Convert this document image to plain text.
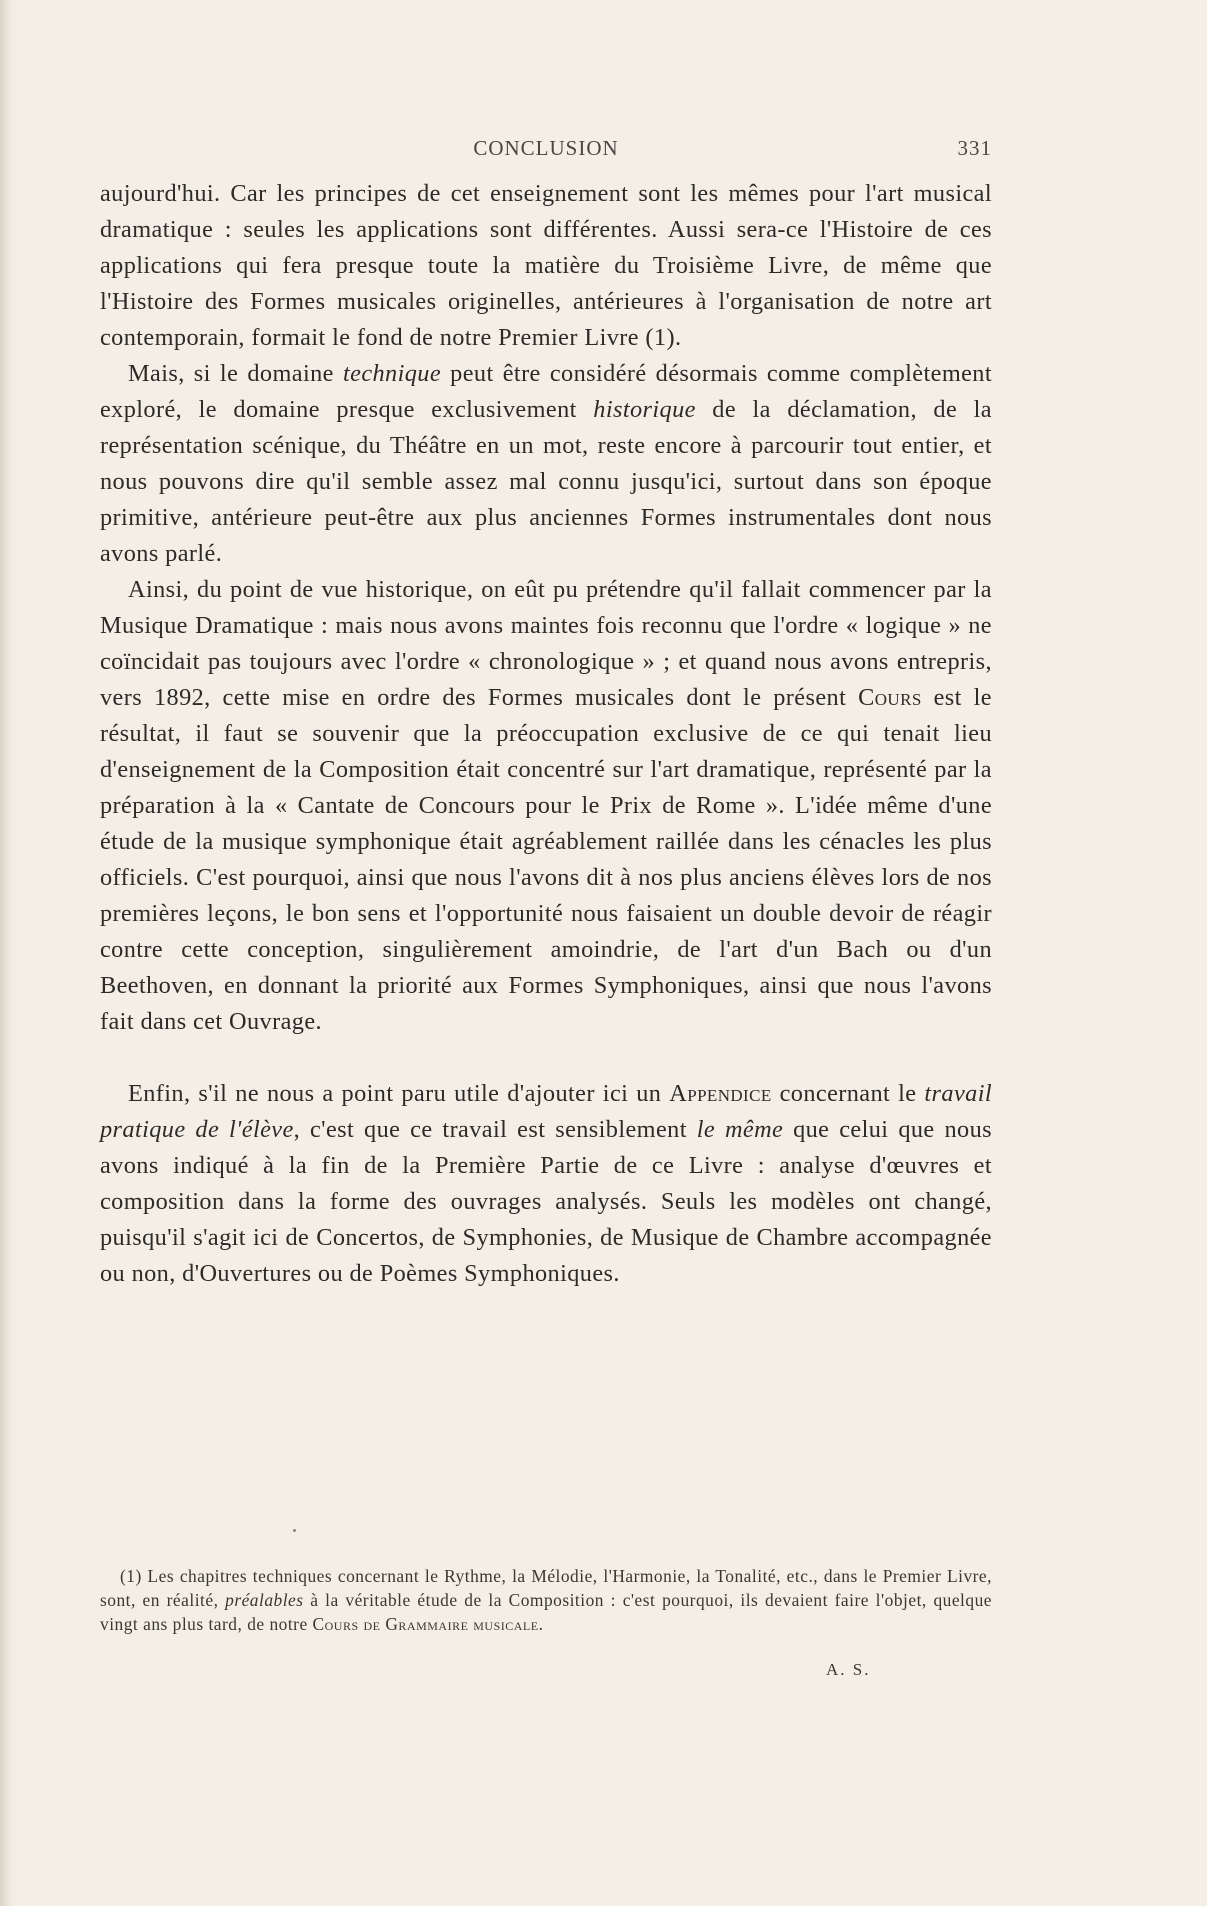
CONCLUSION	331

aujourd'hui. Car les principes de cet enseignement sont les mêmes pour l'art musical dramatique : seules les applications sont différentes. Aussi sera-ce l'Histoire de ces applications qui fera presque toute la matière du Troisième Livre, de même que l'Histoire des Formes musicales originelles, antérieures à l'organisation de notre art contemporain, formait le fond de notre Premier Livre (1).

Mais, si le domaine technique peut être considéré désormais comme complètement exploré, le domaine presque exclusivement historique de la déclamation, de la représentation scénique, du Théâtre en un mot, reste encore à parcourir tout entier, et nous pouvons dire qu'il semble assez mal connu jusqu'ici, surtout dans son époque primitive, antérieure peut-être aux plus anciennes Formes instrumentales dont nous avons parlé.

Ainsi, du point de vue historique, on eût pu prétendre qu'il fallait commencer par la Musique Dramatique : mais nous avons maintes fois reconnu que l'ordre « logique » ne coïncidait pas toujours avec l'ordre « chronologique » ; et quand nous avons entrepris, vers 1892, cette mise en ordre des Formes musicales dont le présent Cours est le résultat, il faut se souvenir que la préoccupation exclusive de ce qui tenait lieu d'enseignement de la Composition était concentré sur l'art dramatique, représenté par la préparation à la « Cantate de Concours pour le Prix de Rome ». L'idée même d'une étude de la musique symphonique était agréablement raillée dans les cénacles les plus officiels. C'est pourquoi, ainsi que nous l'avons dit à nos plus anciens élèves lors de nos premières leçons, le bon sens et l'opportunité nous faisaient un double devoir de réagir contre cette conception, singulièrement amoindrie, de l'art d'un Bach ou d'un Beethoven, en donnant la priorité aux Formes Symphoniques, ainsi que nous l'avons fait dans cet Ouvrage.

Enfin, s'il ne nous a point paru utile d'ajouter ici un Appendice concernant le travail pratique de l'élève, c'est que ce travail est sensiblement le même que celui que nous avons indiqué à la fin de la Première Partie de ce Livre : analyse d'œuvres et composition dans la forme des ouvrages analysés. Seuls les modèles ont changé, puisqu'il s'agit ici de Concertos, de Symphonies, de Musique de Chambre accompagnée ou non, d'Ouvertures ou de Poèmes Symphoniques.

(1) Les chapitres techniques concernant le Rythme, la Mélodie, l'Harmonie, la Tonalité, etc., dans le Premier Livre, sont, en réalité, préalables à la véritable étude de la Composition : c'est pourquoi, ils devaient faire l'objet, quelque vingt ans plus tard, de notre Cours de Grammaire musicale.

A. S.
